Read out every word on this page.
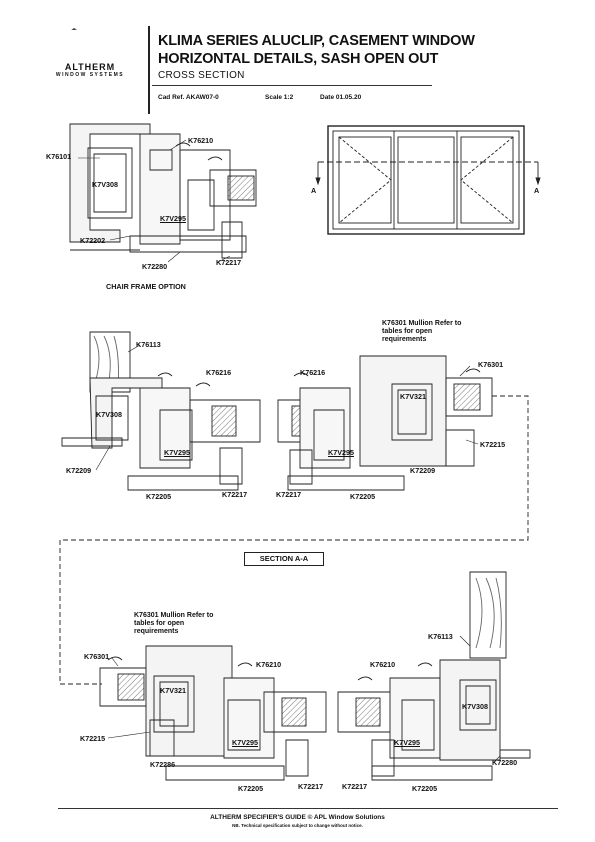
ALTHERM
WINDOW SYSTEMS
KLIMA SERIES ALUCLIP, CASEMENT WINDOW
HORIZONTAL DETAILS, SASH OPEN OUT
CROSS SECTION
Cad Ref. AKAW07-0	Scale 1:2	Date 01.05.20
K76101
K76210
K7V308
K7V295
K72202
K72280	K72217
CHAIR FRAME OPTION
A	A
K76113
K76216
K7V308
K7V295
K72209
K72205	K72217
K76301 Mullion Refer to tables for open requirements
K76301
K76216
K7V321
K7V295
K72215
K72209
K72217	K72205
SECTION A-A
K76301 Mullion Refer to tables for open requirements
K76301
K7V321
K76210
K7V295
K72215
K72286
K72205	K72217
K76113
K76210
K7V308
K7V295
K72280
K72217	K72205
ALTHERM SPECIFIER'S GUIDE © APL Window Solutions
NB. Technical specification subject to change without notice.
